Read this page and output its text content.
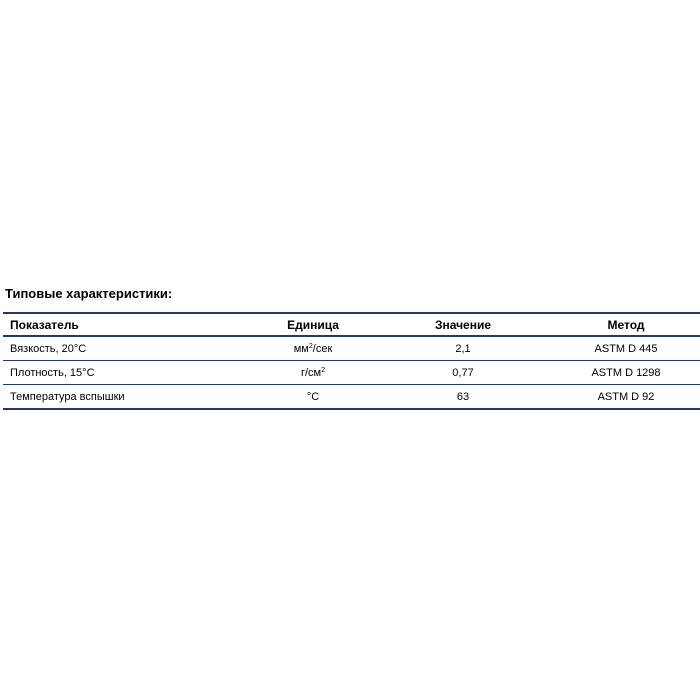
Типовые характеристики:
Показатель	Единица	Значение	Метод
Вязкость, 20°С	$мм^2$/сек	2,1	ASTM D 445
Плотность, 15°С	$г/см^2$	0,77	ASTM D 1298
Температура вспышки	°С	63	ASTM D 92
